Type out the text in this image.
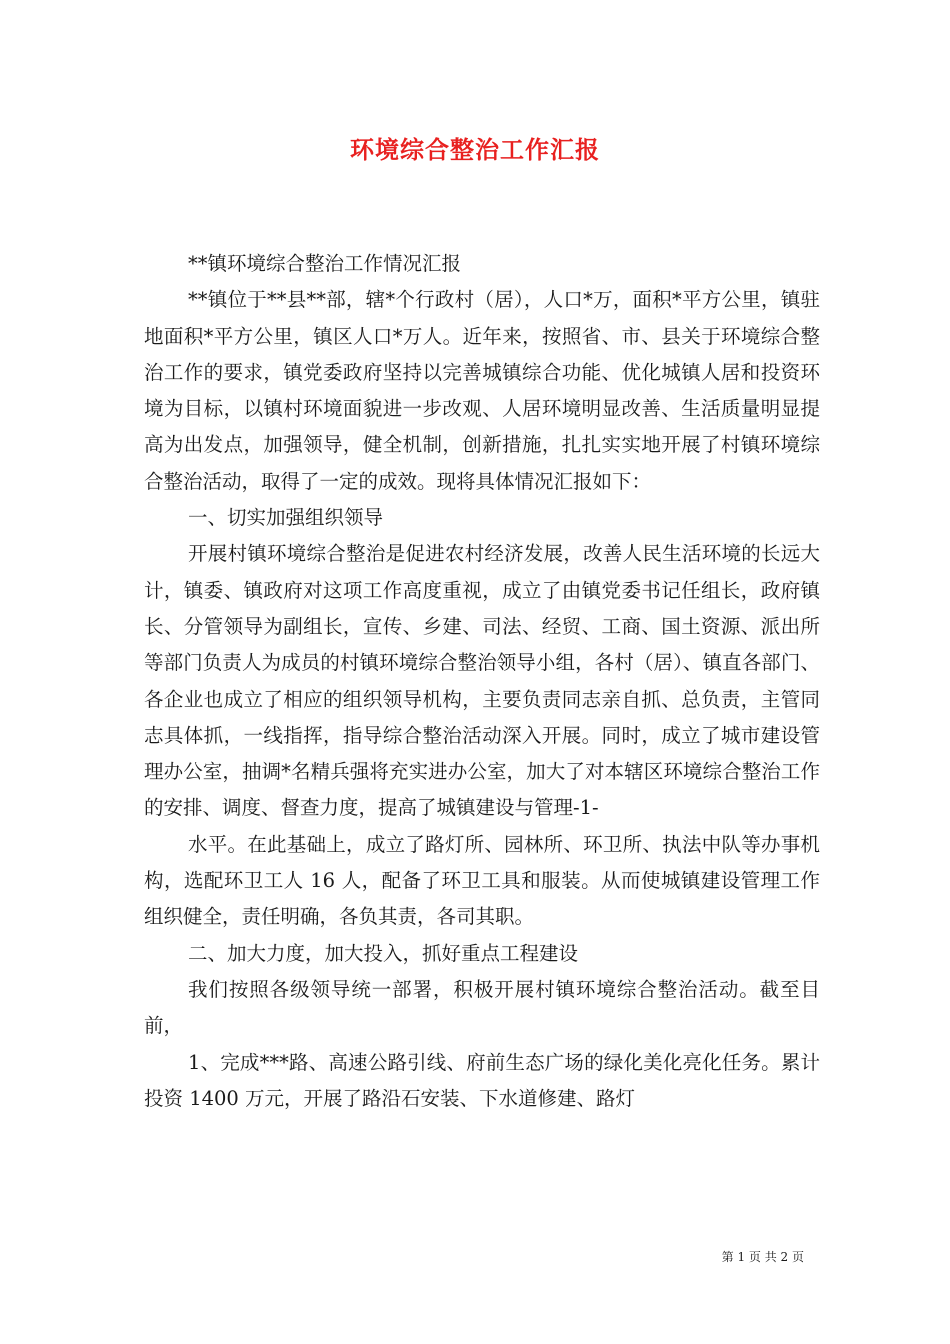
环境综合整治工作汇报

**镇环境综合整治工作情况汇报

**镇位于**县**部，辖*个行政村（居），人口*万，面积*平方公里，镇驻地面积*平方公里，镇区人口*万人。近年来，按照省、市、县关于环境综合整治工作的要求，镇党委政府坚持以完善城镇综合功能、优化城镇人居和投资环境为目标，以镇村环境面貌进一步改观、人居环境明显改善、生活质量明显提高为出发点，加强领导，健全机制，创新措施，扎扎实实地开展了村镇环境综合整治活动，取得了一定的成效。现将具体情况汇报如下：

一、切实加强组织领导

开展村镇环境综合整治是促进农村经济发展，改善人民生活环境的长远大计，镇委、镇政府对这项工作高度重视，成立了由镇党委书记任组长，政府镇长、分管领导为副组长，宣传、乡建、司法、经贸、工商、国土资源、派出所等部门负责人为成员的村镇环境综合整治领导小组，各村（居）、镇直各部门、各企业也成立了相应的组织领导机构，主要负责同志亲自抓、总负责，主管同志具体抓，一线指挥，指导综合整治活动深入开展。同时，成立了城市建设管理办公室，抽调*名精兵强将充实进办公室，加大了对本辖区环境综合整治工作的安排、调度、督查力度，提高了城镇建设与管理-1-

水平。在此基础上，成立了路灯所、园林所、环卫所、执法中队等办事机构，选配环卫工人 16 人，配备了环卫工具和服装。从而使城镇建设管理工作组织健全，责任明确，各负其责，各司其职。

二、加大力度，加大投入，抓好重点工程建设

我们按照各级领导统一部署，积极开展村镇环境综合整治活动。截至目前，

1、完成***路、高速公路引线、府前生态广场的绿化美化亮化任务。累计投资 1400 万元，开展了路沿石安装、下水道修建、路灯

第 1 页 共 2 页
